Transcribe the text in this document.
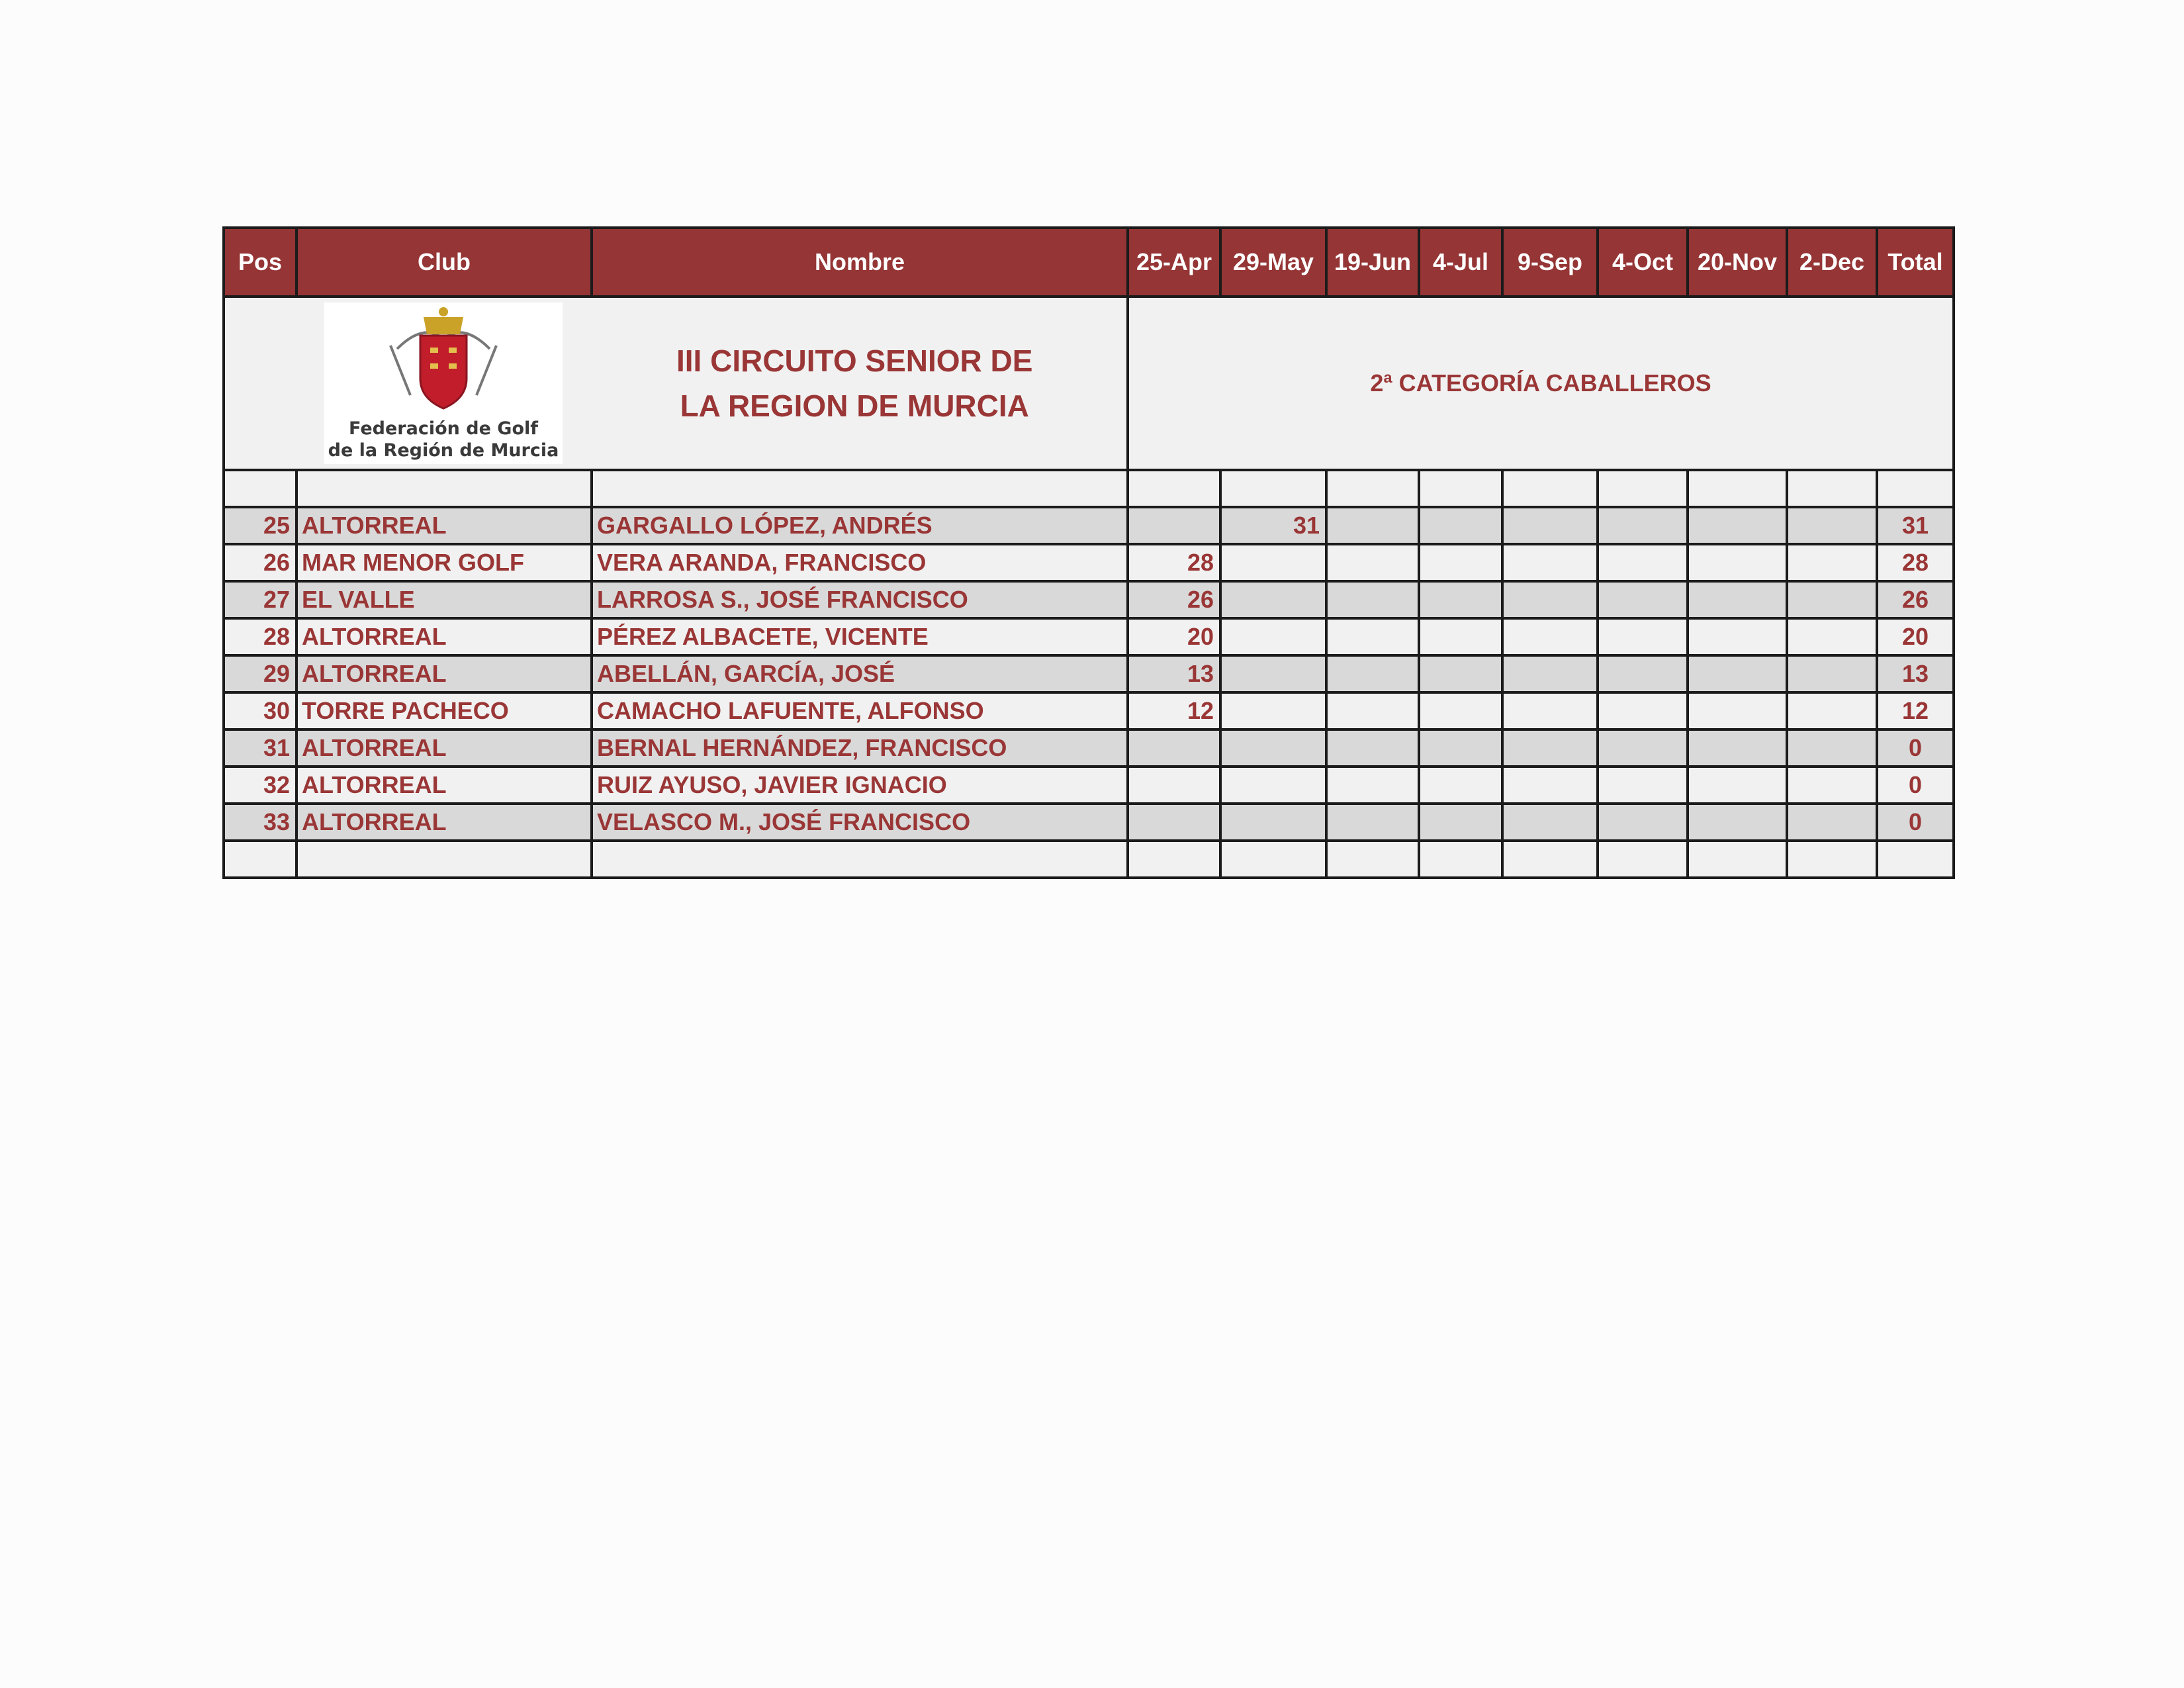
Federación de Golf
de la Región de Murcia
III CIRCUITO SENIOR DE
LA REGION DE MURCIA			2ª CATEGORÍA CABALLEROS								
Pos	Club	Nombre	25-Apr	29-May	19-Jun	4-Jul	9-Sep	4-Oct	20-Nov	2-Dec	Total

25	ALTORREAL	GARGALLO LÓPEZ, ANDRÉS		31							31
26	MAR MENOR GOLF	VERA ARANDA, FRANCISCO	28								28
27	EL VALLE	LARROSA S., JOSÉ FRANCISCO	26								26
28	ALTORREAL	PÉREZ ALBACETE, VICENTE	20								20
29	ALTORREAL	ABELLÁN, GARCÍA, JOSÉ	13								13
30	TORRE PACHECO	CAMACHO LAFUENTE, ALFONSO	12								12
31	ALTORREAL	BERNAL HERNÁNDEZ, FRANCISCO									0
32	ALTORREAL	RUIZ AYUSO, JAVIER IGNACIO									0
33	ALTORREAL	VELASCO M., JOSÉ FRANCISCO									0
